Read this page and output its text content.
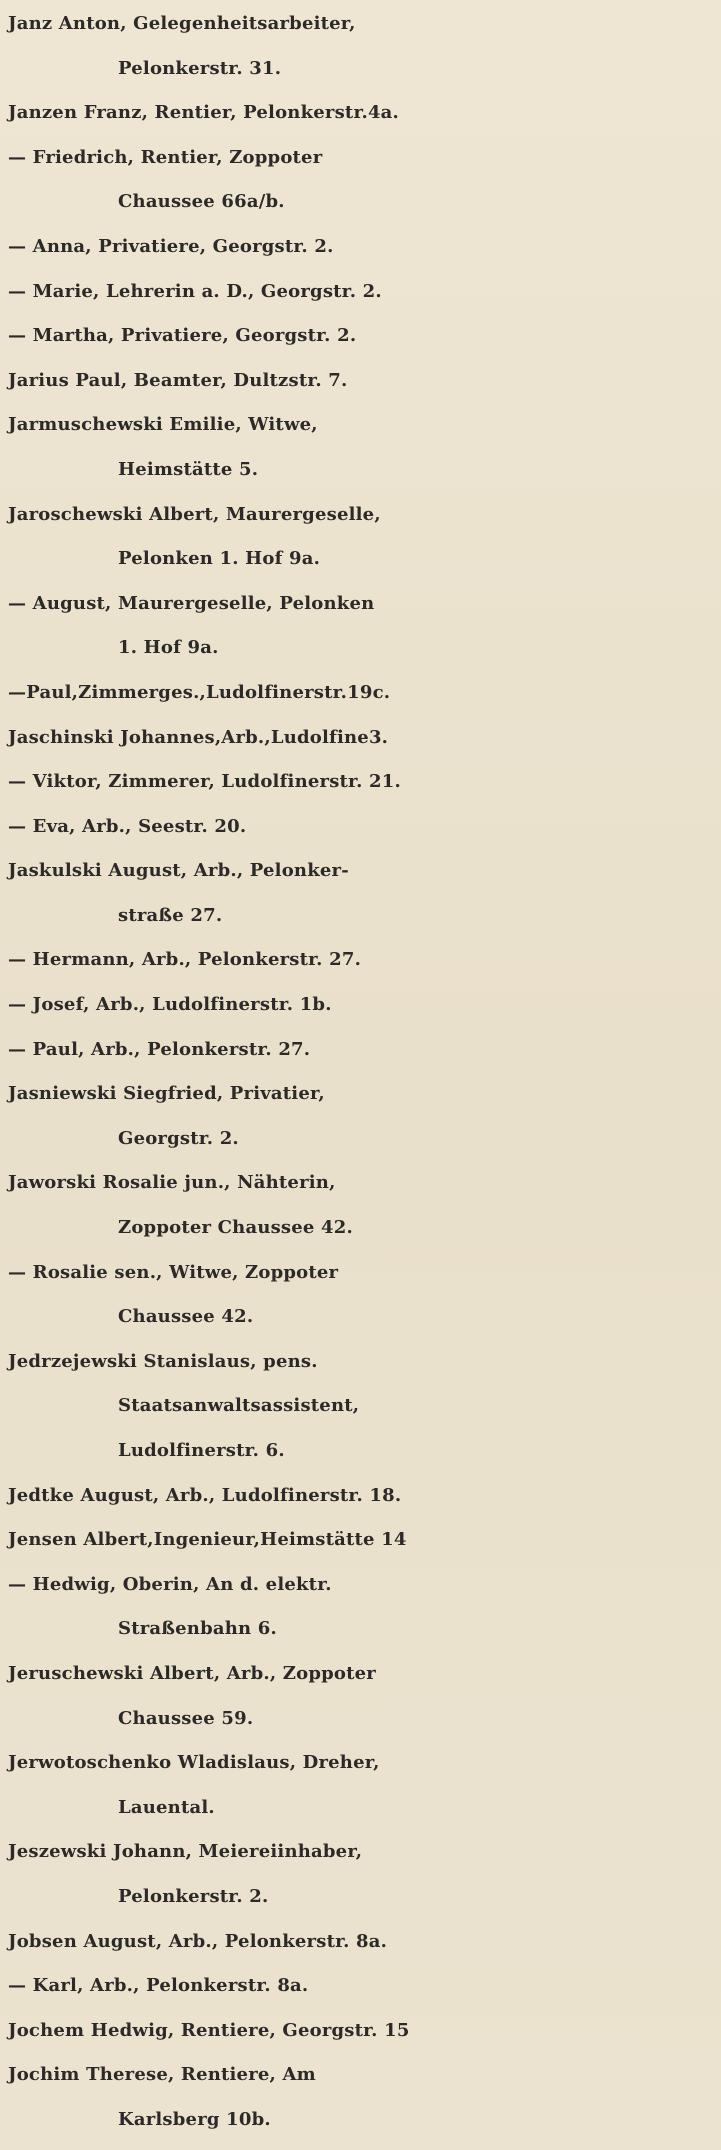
Janz Anton, Gelegenheitsarbeiter,
Pelonkerstr. 31.
Janzen Franz, Rentier, Pelonkerstr.4a.
— Friedrich, Rentier, Zoppoter
Chaussee 66a/b.
— Anna, Privatiere, Georgstr. 2.
— Marie, Lehrerin a. D., Georgstr. 2.
— Martha, Privatiere, Georgstr. 2.
Jarius Paul, Beamter, Dultzstr. 7.
Jarmuschewski Emilie, Witwe,
Heimstätte 5.
Jaroschewski Albert, Maurergeselle,
Pelonken 1. Hof 9a.
— August, Maurergeselle, Pelonken
1. Hof 9a.
—Paul,Zimmerges.,Ludolfinerstr.19c.
Jaschinski Johannes,Arb.,Ludolfine3.
— Viktor, Zimmerer, Ludolfinerstr. 21.
— Eva, Arb., Seestr. 20.
Jaskulski August, Arb., Pelonker-
straße 27.
— Hermann, Arb., Pelonkerstr. 27.
— Josef, Arb., Ludolfinerstr. 1b.
— Paul, Arb., Pelonkerstr. 27.
Jasniewski Siegfried, Privatier,
Georgstr. 2.
Jaworski Rosalie jun., Nähterin,
Zoppoter Chaussee 42.
— Rosalie sen., Witwe, Zoppoter
Chaussee 42.
Jedrzejewski Stanislaus, pens.
Staatsanwaltsassistent,
Ludolfinerstr. 6.
Jedtke August, Arb., Ludolfinerstr. 18.
Jensen Albert,Ingenieur,Heimstätte 14
— Hedwig, Oberin, An d. elektr.
Straßenbahn 6.
Jeruschewski Albert, Arb., Zoppoter
Chaussee 59.
Jerwotoschenko Wladislaus, Dreher,
Lauental.
Jeszewski Johann, Meiereiinhaber,
Pelonkerstr. 2.
Jobsen August, Arb., Pelonkerstr. 8a.
— Karl, Arb., Pelonkerstr. 8a.
Jochem Hedwig, Rentiere, Georgstr. 15
Jochim Therese, Rentiere, Am
Karlsberg 10b.
